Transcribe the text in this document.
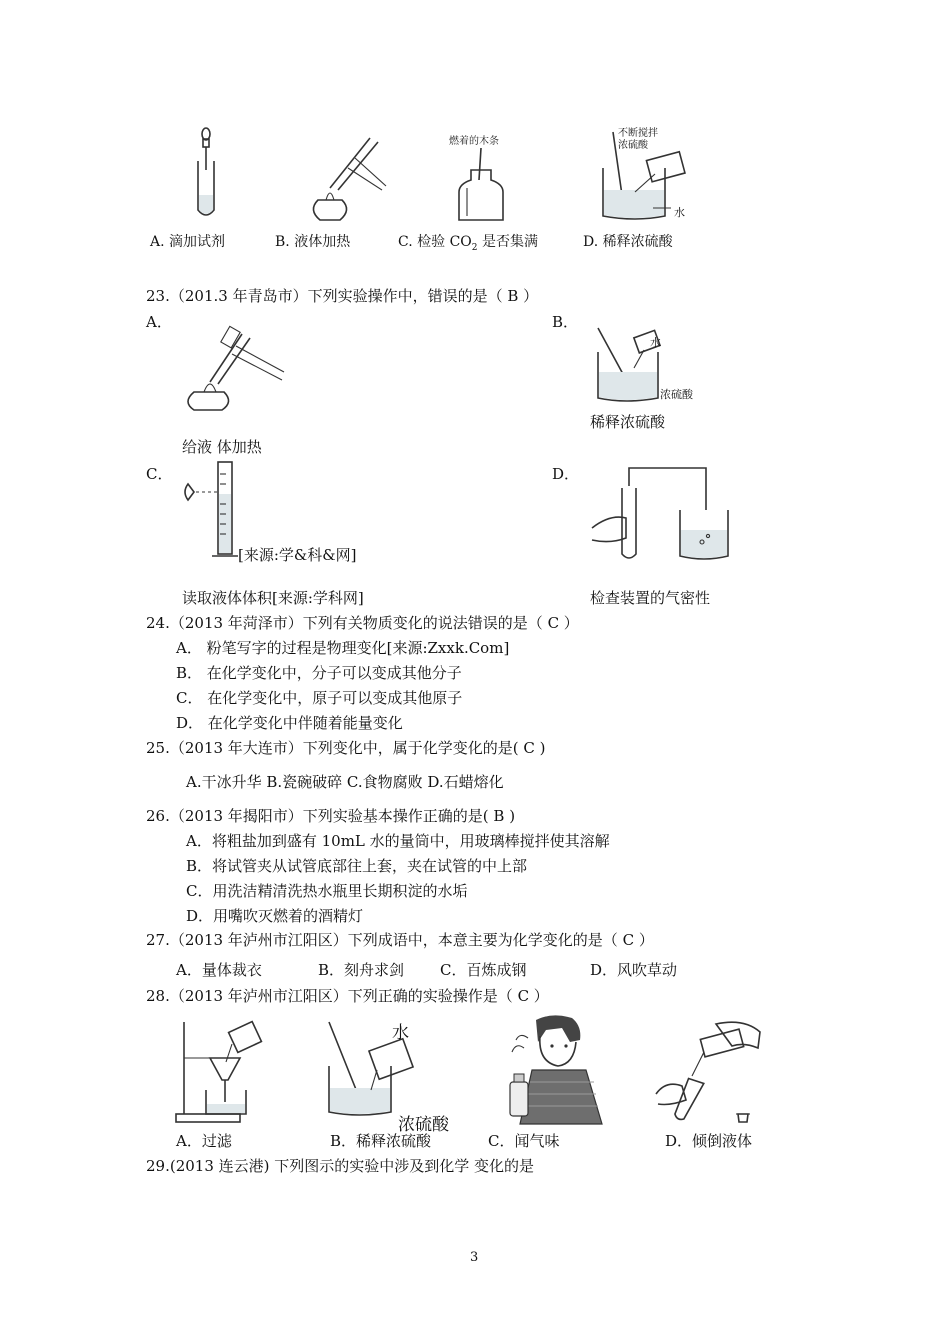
燃着的木条
不断搅拌
浓硫酸
水
A. 滴加试剂	B. 液体加热	C. 检验 $CO_2$ 是否集满	D. 稀释浓硫酸
23.（201.3 年青岛市）下列实验操作中，错误的是（ B ）
A．	B．
水
浓硫酸
稀释浓硫酸
给液 体加热
C．	D．
[来源:学&科&网]
读取液体体积[来源:学科网]	检查装置的气密性
24.（2013 年菏泽市）下列有关物质变化的说法错误的是（ C ）
A． 粉笔写字的过程是物理变化[来源:Zxxk.Com]
B． 在化学变化中，分子可以变成其他分子
C． 在化学变化中，原子可以变成其他原子
D． 在化学变化中伴随着能量变化
25.（2013 年大连市）下列变化中，属于化学变化的是( C )
A.干冰升华 B.瓷碗破碎 C.食物腐败 D.石蜡熔化
26.（2013 年揭阳市）下列实验基本操作正确的是( B )
A．将粗盐加到盛有 10mL 水的量筒中，用玻璃棒搅拌使其溶解
B．将试管夹从试管底部往上套，夹在试管的中上部
C．用洗洁精清洗热水瓶里长期积淀的水垢
D．用嘴吹灭燃着的酒精灯
27.（2013 年泸州市江阳区）下列成语中，本意主要为化学变化的是（ C ）
A．量体裁衣	B．刻舟求剑 C．百炼成钢	D．风吹草动
28.（2013 年泸州市江阳区）下列正确的实验操作是（ C ）
水
浓硫酸
A．过滤	B．稀释浓硫酸	C．闻气味	D．倾倒液体
29.(2013 连云港) 下列图示的实验中涉及到化学 变化的是
3
